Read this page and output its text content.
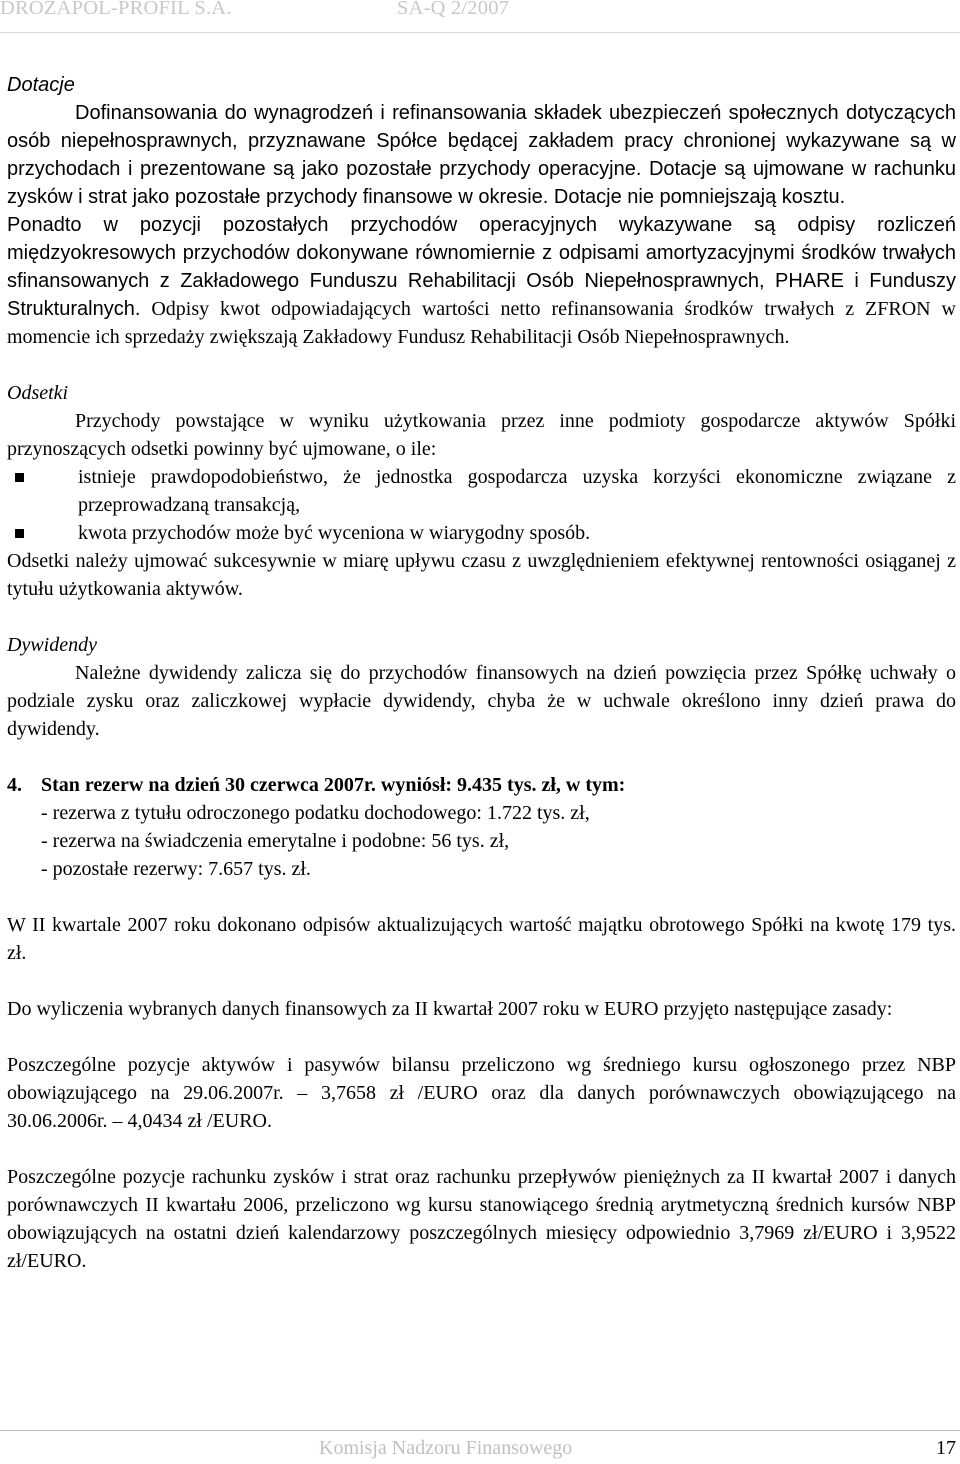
DROZAPOL-PROFIL S.A.	SA-Q 2/2007

Dotacje

Dofinansowania do wynagrodzeń i refinansowania składek ubezpieczeń społecznych dotyczących osób niepełnosprawnych, przyznawane Spółce będącej zakładem pracy chronionej wykazywane są w przychodach i prezentowane są jako pozostałe przychody operacyjne. Dotacje są ujmowane w rachunku zysków i strat jako pozostałe przychody finansowe w okresie. Dotacje nie pomniejszają kosztu.

Ponadto w pozycji pozostałych przychodów operacyjnych wykazywane są odpisy rozliczeń międzyokresowych przychodów dokonywane równomiernie z odpisami amortyzacyjnymi środków trwałych sfinansowanych z Zakładowego Funduszu Rehabilitacji Osób Niepełnosprawnych, PHARE i Funduszy Strukturalnych. Odpisy kwot odpowiadających wartości netto refinansowania środków trwałych z ZFRON w momencie ich sprzedaży zwiększają Zakładowy Fundusz Rehabilitacji Osób Niepełnosprawnych.

Odsetki

Przychody powstające w wyniku użytkowania przez inne podmioty gospodarcze aktywów Spółki przynoszących odsetki powinny być ujmowane, o ile:

istnieje prawdopodobieństwo, że jednostka gospodarcza uzyska korzyści ekonomiczne związane z przeprowadzaną transakcją,
kwota przychodów może być wyceniona w wiarygodny sposób.

Odsetki należy ujmować sukcesywnie w miarę upływu czasu z uwzględnieniem efektywnej rentowności osiąganej z tytułu użytkowania aktywów.

Dywidendy

Należne dywidendy zalicza się do przychodów finansowych na dzień powzięcia przez Spółkę uchwały o podziale zysku oraz zaliczkowej wypłacie dywidendy, chyba że w uchwale określono inny dzień prawa do dywidendy.

4. Stan rezerw na dzień 30 czerwca 2007r. wyniósł: 9.435 tys. zł, w tym:
- rezerwa z tytułu odroczonego podatku dochodowego: 1.722 tys. zł,
- rezerwa na świadczenia emerytalne i podobne: 56 tys. zł,
- pozostałe rezerwy: 7.657 tys. zł.

W II kwartale 2007 roku dokonano odpisów aktualizujących wartość majątku obrotowego Spółki na kwotę 179 tys. zł.

Do wyliczenia wybranych danych finansowych za II kwartał 2007 roku w EURO przyjęto następujące zasady:

Poszczególne pozycje aktywów i pasywów bilansu przeliczono wg średniego kursu ogłoszonego przez NBP obowiązującego na 29.06.2007r. – 3,7658 zł /EURO oraz dla danych porównawczych obowiązującego na 30.06.2006r. – 4,0434 zł /EURO.

Poszczególne pozycje rachunku zysków i strat oraz rachunku przepływów pieniężnych za II kwartał 2007 i danych porównawczych II kwartału 2006, przeliczono wg kursu stanowiącego średnią arytmetyczną średnich kursów NBP obowiązujących na ostatni dzień kalendarzowy poszczególnych miesięcy odpowiednio 3,7969 zł/EURO i 3,9522 zł/EURO.

Komisja Nadzoru Finansowego	17
